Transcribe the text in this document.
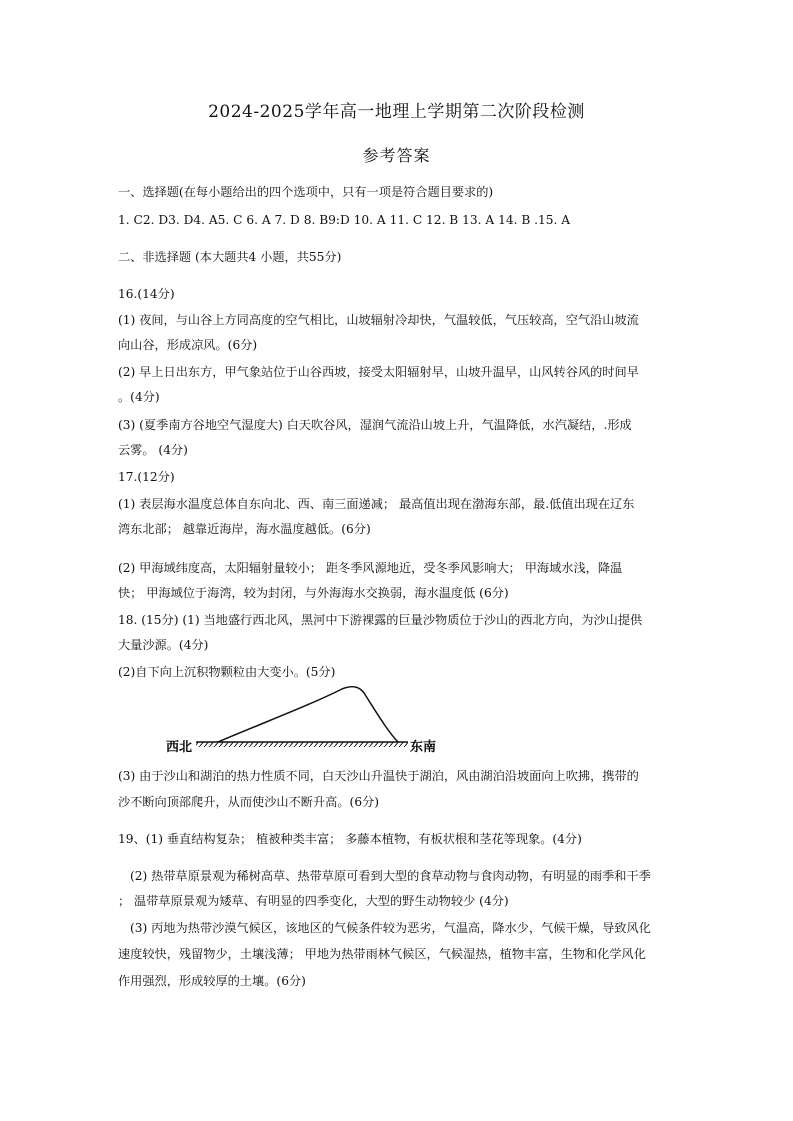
2024-2025学年高一地理上学期第二次阶段检测
参考答案
一、选择题(在每小题给出的四个选项中，只有一项是符合题目要求的)
1. C2. D3. D4. A5. C 6. A 7. D 8. B9:D 10. A 11. C 12. B 13. A 14. B .15. A
二、非选择题 (本大题共4 小题，共55分)
16.(14分)
(1) 夜间，与山谷上方同高度的空气相比，山坡辐射冷却快，气温较低，气压较高，空气沿山坡流
向山谷，形成凉风。(6分)
(2) 早上日出东方，甲气象站位于山谷西坡，接受太阳辐射早，山坡升温早，山风转谷风的时间早
。(4分)
(3) (夏季南方谷地空气湿度大) 白天吹谷风，湿润气流沿山坡上升，气温降低，水汽凝结，.形成
云雾。 (4分)
17.(12分)
(1) 表层海水温度总体自东向北、西、南三面递减； 最高值出现在渤海东部，最.低值出现在辽东
湾东北部； 越靠近海岸，海水温度越低。(6分)
(2) 甲海域纬度高，太阳辐射量较小； 距冬季风源地近，受冬季风影响大； 甲海域水浅，降温
快； 甲海域位于海湾，较为封闭，与外海海水交换弱，海水温度低 (6分)
18. (15分) (1) 当地盛行西北风，黑河中下游裸露的巨量沙物质位于沙山的西北方向，为沙山提供
大量沙源。(4分)
(2)自下向上沉积物颗粒由大变小。(5分)
西北	东南
(3) 由于沙山和湖泊的热力性质不同，白天沙山升温快于湖泊，风由湖泊沿坡面向上吹拂，携带的
沙不断向顶部爬升，从而使沙山不断升高。(6分)
19、(1) 垂直结构复杂； 植被种类丰富； 多藤本植物，有板状根和茎花等现象。(4分)
(2) 热带草原景观为稀树高草、热带草原可看到大型的食草动物与食肉动物，有明显的雨季和干季
； 温带草原景观为矮草、有明显的四季变化，大型的野生动物较少 (4分)
(3) 丙地为热带沙漠气候区，该地区的气候条件较为恶劣，气温高，降水少，气候干燥，导致风化
速度较快，残留物少，土壤浅薄； 甲地为热带雨林气候区，气候湿热，植物丰富，生物和化学风化
作用强烈，形成较厚的土壤。(6分)
